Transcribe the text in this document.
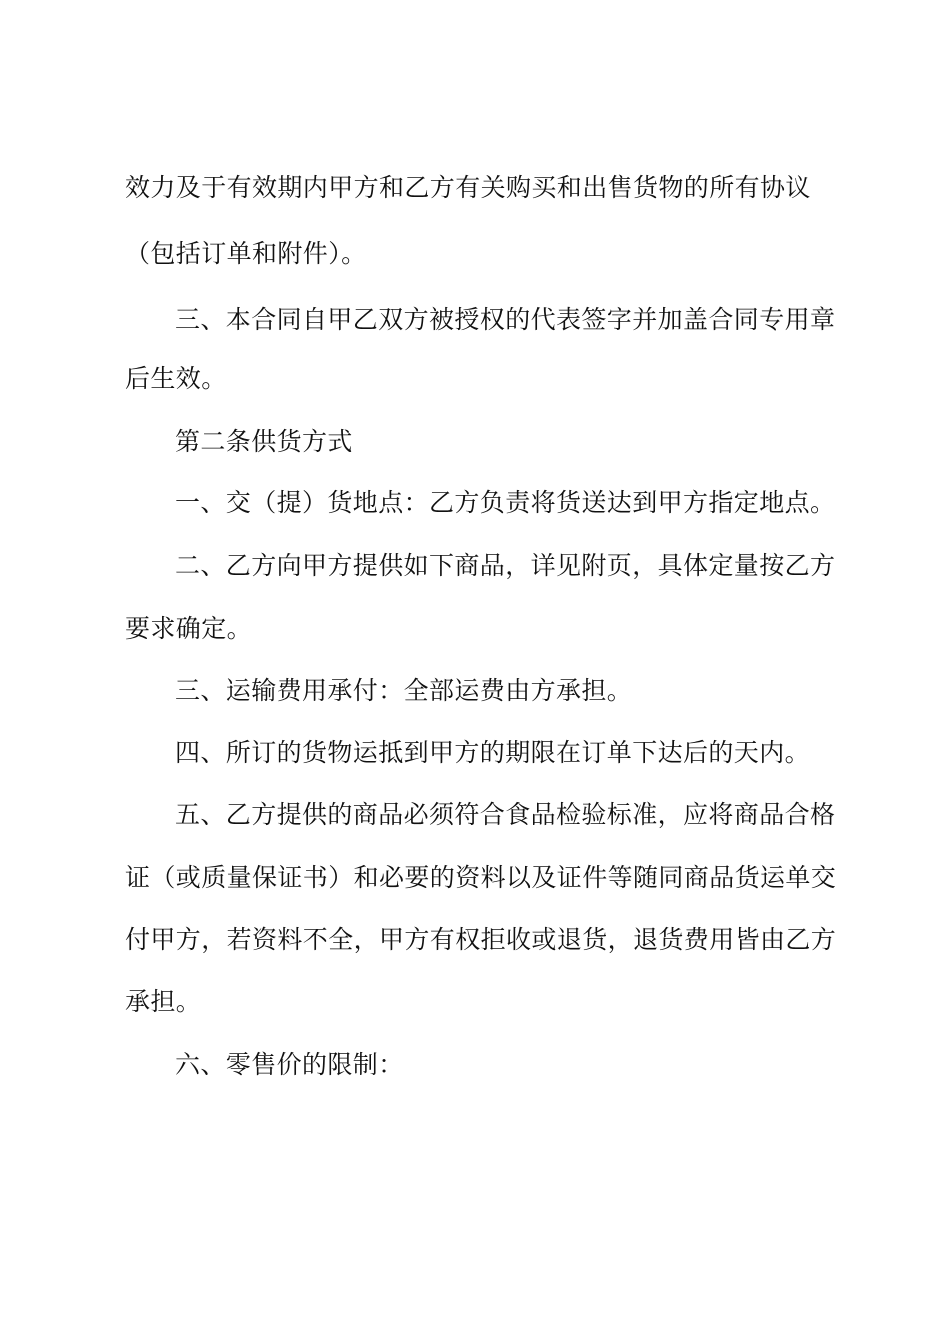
效力及于有效期内甲方和乙方有关购买和出售货物的所有协议
（包括订单和附件）。
三、本合同自甲乙双方被授权的代表签字并加盖合同专用章
后生效。
第二条供货方式
一、交（提）货地点：乙方负责将货送达到甲方指定地点。
二、乙方向甲方提供如下商品，详见附页，具体定量按乙方
要求确定。
三、运输费用承付：全部运费由方承担。
四、所订的货物运抵到甲方的期限在订单下达后的天内。
五、乙方提供的商品必须符合食品检验标准，应将商品合格
证（或质量保证书）和必要的资料以及证件等随同商品货运单交
付甲方，若资料不全，甲方有权拒收或退货，退货费用皆由乙方
承担。
六、零售价的限制：
